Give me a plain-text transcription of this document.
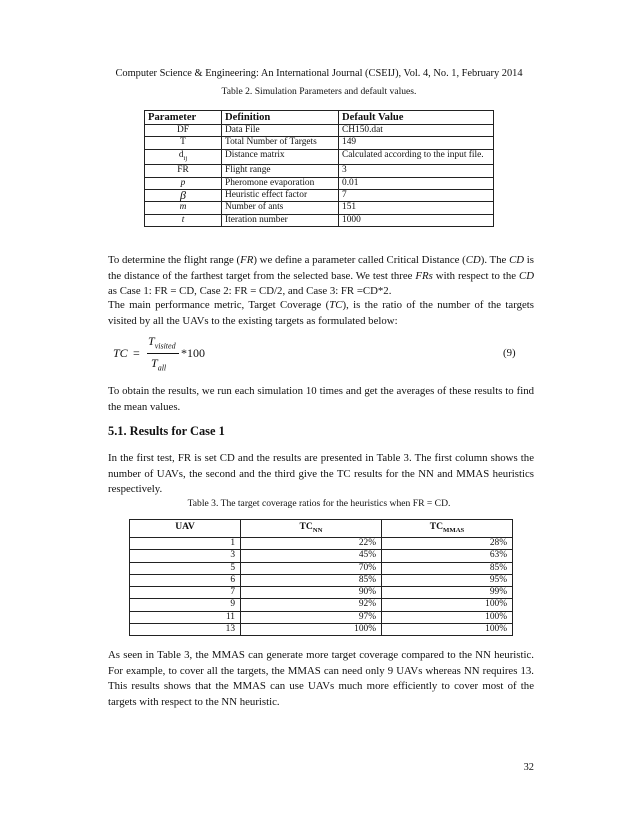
Computer Science & Engineering: An International Journal (CSEIJ), Vol. 4, No. 1, February 2014
Table 2. Simulation Parameters and default values.
Parameter	Definition	Default Value
DF	Data File	CH150.dat
T	Total Number of Targets	149
$d_{ij}$	Distance matrix	Calculated according to the input file.
FR	Flight range	3
p	Pheromone evaporation	0.01
β	Heuristic effect factor	7
m	Number of ants	151
t	Iteration number	1000
To determine the flight range (FR) we define a parameter called Critical Distance (CD). The CD is the distance of the farthest target from the selected base. We test three FRs with respect to the CD as Case 1: FR = CD, Case 2: FR = CD/2, and Case 3: FR =CD*2.
The main performance metric, Target Coverage (TC), is the ratio of the number of the targets visited by all the UAVs to the existing targets as formulated below:
TC =
$T_{visited}$
$T_{all}$
*100	(9)
To obtain the results, we run each simulation 10 times and get the averages of these results to find the mean values.
5.1. Results for Case 1
In the first test, FR is set CD and the results are presented in Table 3. The first column shows the number of UAVs, the second and the third give the TC results for the NN and MMAS heuristics respectively.
Table 3. The target coverage ratios for the heuristics when FR = CD.
UAV	$TC_{NN}$	$TC_{MMAS}$
1	22%	28%
3	45%	63%
5	70%	85%
6	85%	95%
7	90%	99%
9	92%	100%
11	97%	100%
13	100%	100%
As seen in Table 3, the MMAS can generate more target coverage compared to the NN heuristic. For example, to cover all the targets, the MMAS can need only 9 UAVs whereas NN requires 13. This results shows that the MMAS can use UAVs much more efficiently to cover most of the targets with respect to the NN heuristic.
32
